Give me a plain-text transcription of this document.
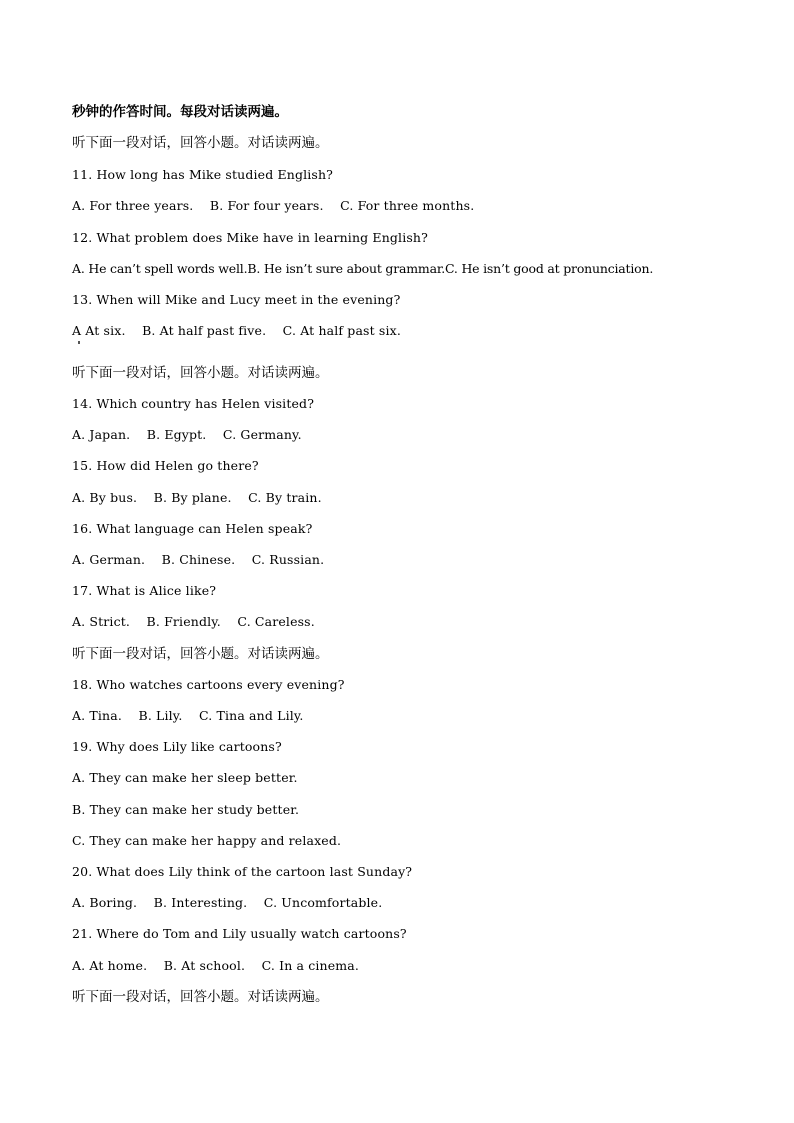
秒钟的作答时间。每段对话读两遍。
听下面一段对话，回答小题。对话读两遍。
11. How long has Mike studied English?
A. For three years.    B. For four years.    C. For three months.
12. What problem does Mike have in learning English?
A. He can’t spell words well.B. He isn’t sure about grammar.C. He isn’t good at pronunciation.
13. When will Mike and Lucy meet in the evening?
A At six.    B. At half past five.    C. At half past six.
听下面一段对话，回答小题。对话读两遍。
14. Which country has Helen visited?
A. Japan.    B. Egypt.    C. Germany.
15. How did Helen go there?
A. By bus.    B. By plane.    C. By train.
16. What language can Helen speak?
A. German.    B. Chinese.    C. Russian.
17. What is Alice like?
A. Strict.    B. Friendly.    C. Careless.
听下面一段对话，回答小题。对话读两遍。
18. Who watches cartoons every evening?
A. Tina.    B. Lily.    C. Tina and Lily.
19. Why does Lily like cartoons?
A. They can make her sleep better.
B. They can make her study better.
C. They can make her happy and relaxed.
20. What does Lily think of the cartoon last Sunday?
A. Boring.    B. Interesting.    C. Uncomfortable.
21. Where do Tom and Lily usually watch cartoons?
A. At home.    B. At school.    C. In a cinema.
听下面一段对话，回答小题。对话读两遍。
